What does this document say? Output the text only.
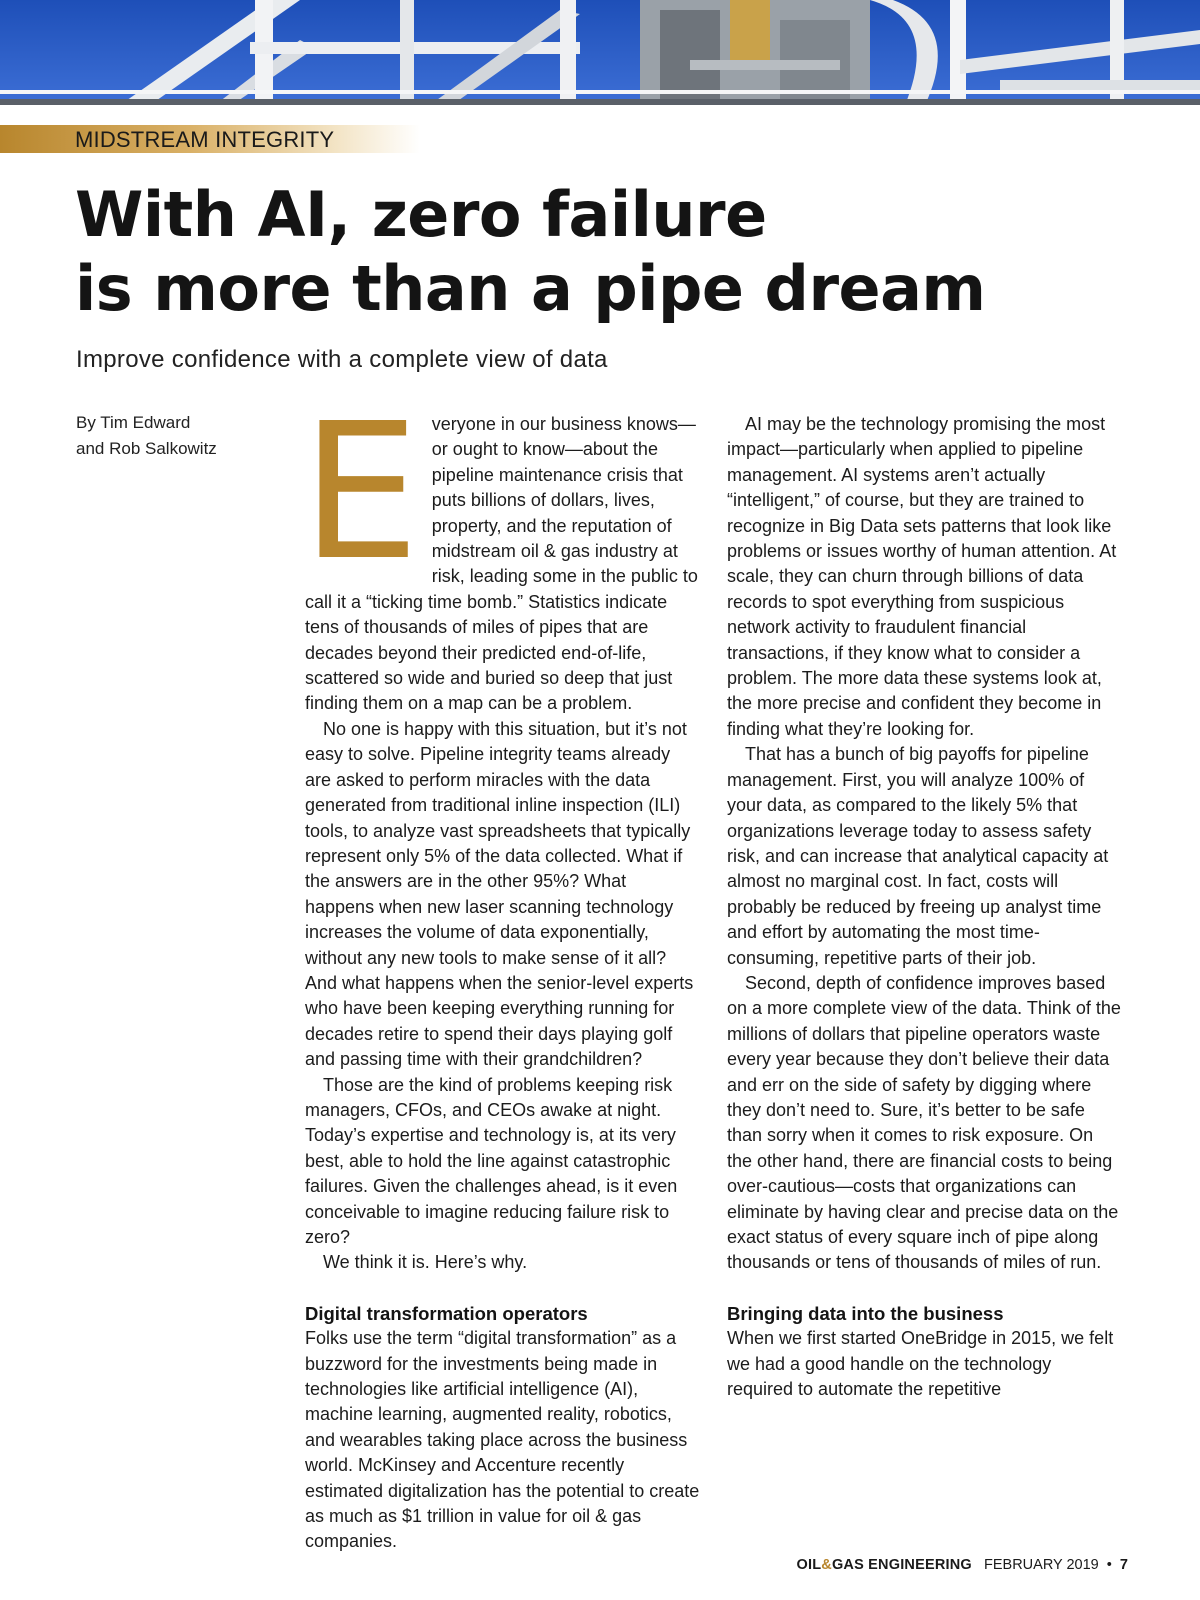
MIDSTREAM INTEGRITY
With AI, zero failure
is more than a pipe dream

Improve confidence with a complete view of data

By Tim Edward
and Rob Salkowitz Everyone in our business knows—or ought to know—about the pipeline maintenance crisis that puts billions of dollars, lives, property, and the reputation of midstream oil & gas industry at risk, leading some in the public to call it a “ticking time bomb.” Statistics indicate tens of thousands of miles of pipes that are decades beyond their predicted end-of-life, scattered so wide and buried so deep that just finding them on a map can be a problem.

No one is happy with this situation, but it’s not easy to solve. Pipeline integrity teams already are asked to perform miracles with the data generated from traditional inline inspection (ILI) tools, to analyze vast spreadsheets that typically represent only 5% of the data collected. What if the answers are in the other 95%? What happens when new laser scanning technology increases the volume of data exponentially, without any new tools to make sense of it all? And what happens when the senior-level experts who have been keeping everything running for decades retire to spend their days playing golf and passing time with their grandchildren?

Those are the kind of problems keeping risk managers, CFOs, and CEOs awake at night. Today’s expertise and technology is, at its very best, able to hold the line against catastrophic failures. Given the challenges ahead, is it even conceivable to imagine reducing failure risk to zero?

We think it is. Here’s why.

Digital transformation operators

Folks use the term “digital transformation” as a buzzword for the investments being made in technologies like artificial intelligence (AI), machine learning, augmented reality, robotics, and wearables taking place across the business world. McKinsey and Accenture recently estimated digitalization has the potential to create as much as $1 trillion in value for oil & gas companies.

AI may be the technology promising the most impact—particularly when applied to pipeline management. AI systems aren’t actually “intelligent,” of course, but they are trained to recognize in Big Data sets patterns that look like problems or issues worthy of human attention. At scale, they can churn through billions of data records to spot everything from suspicious network activity to fraudulent financial transactions, if they know what to consider a problem. The more data these systems look at, the more precise and confident they become in finding what they’re looking for.

That has a bunch of big payoffs for pipeline management. First, you will analyze 100% of your data, as compared to the likely 5% that organizations leverage today to assess safety risk, and can increase that analytical capacity at almost no marginal cost. In fact, costs will probably be reduced by freeing up analyst time and effort by automating the most time-consuming, repetitive parts of their job.

Second, depth of confidence improves based on a more complete view of the data. Think of the millions of dollars that pipeline operators waste every year because they don’t believe their data and err on the side of safety by digging where they don’t need to. Sure, it’s better to be safe than sorry when it comes to risk exposure. On the other hand, there are financial costs to being over-cautious—costs that organizations can eliminate by having clear and precise data on the exact status of every square inch of pipe along thousands or tens of thousands of miles of run.

Bringing data into the business

When we first started OneBridge in 2015, we felt we had a good handle on the technology required to automate the repetitive

OIL&GAS ENGINEERING FEBRUARY 2019 • 7
